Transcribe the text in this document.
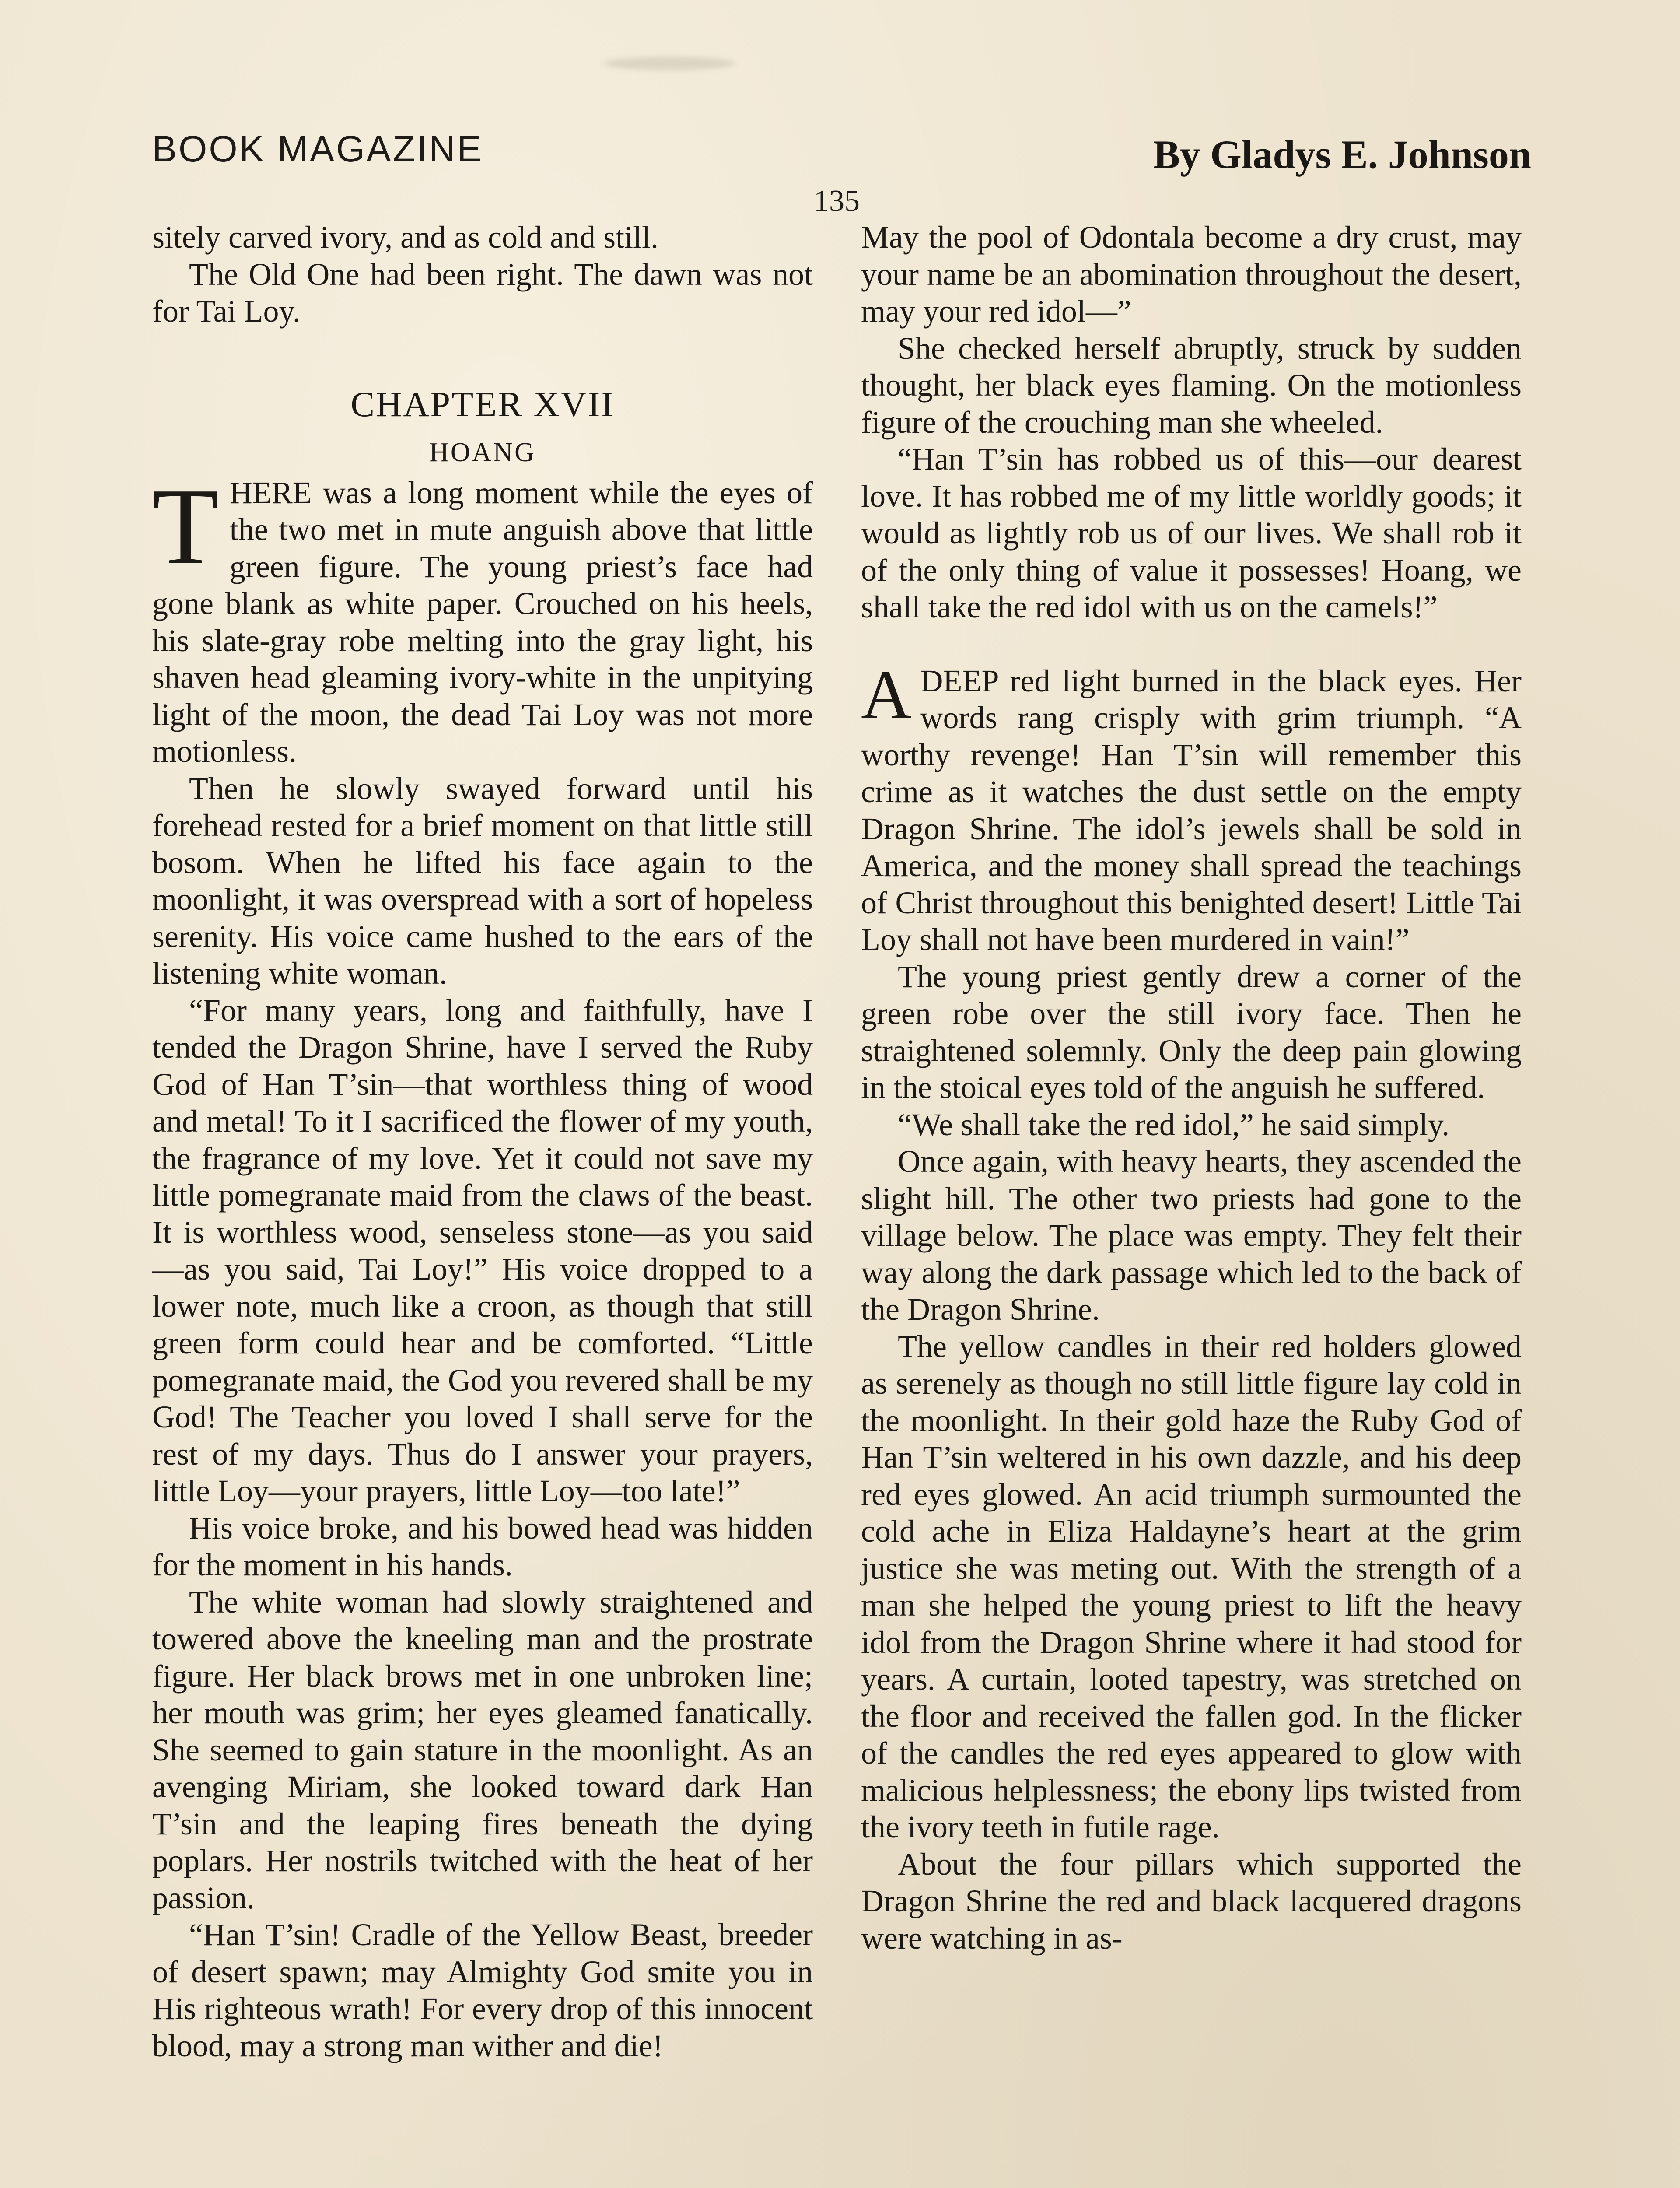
BOOK MAGAZINE	By Gladys E. Johnson
135

sitely carved ivory, and as cold and still.

The Old One had been right. The dawn was not for Tai Loy.

CHAPTER XVII
HOANG

THERE was a long moment while the eyes of the two met in mute anguish above that little green figure. The young priest’s face had gone blank as white paper. Crouched on his heels, his slate-gray robe melting into the gray light, his shaven head gleaming ivory-white in the unpitying light of the moon, the dead Tai Loy was not more motionless.

Then he slowly swayed forward until his forehead rested for a brief moment on that little still bosom. When he lifted his face again to the moonlight, it was overspread with a sort of hopeless serenity. His voice came hushed to the ears of the listening white woman.

“For many years, long and faithfully, have I tended the Dragon Shrine, have I served the Ruby God of Han T’sin—that worthless thing of wood and metal! To it I sacrificed the flower of my youth, the fragrance of my love. Yet it could not save my little pomegranate maid from the claws of the beast. It is worthless wood, senseless stone—as you said—as you said, Tai Loy!” His voice dropped to a lower note, much like a croon, as though that still green form could hear and be comforted. “Little pomegranate maid, the God you revered shall be my God! The Teacher you loved I shall serve for the rest of my days. Thus do I answer your prayers, little Loy—your prayers, little Loy—too late!”

His voice broke, and his bowed head was hidden for the moment in his hands.

The white woman had slowly straightened and towered above the kneeling man and the prostrate figure. Her black brows met in one unbroken line; her mouth was grim; her eyes gleamed fanatically. She seemed to gain stature in the moonlight. As an avenging Miriam, she looked toward dark Han T’sin and the leaping fires beneath the dying poplars. Her nostrils twitched with the heat of her passion.

“Han T’sin! Cradle of the Yellow Beast, breeder of desert spawn; may Almighty God smite you in His righteous wrath! For every drop of this innocent blood, may a strong man wither and die!

May the pool of Odontala become a dry crust, may your name be an abomination throughout the desert, may your red idol—”

She checked herself abruptly, struck by sudden thought, her black eyes flaming. On the motionless figure of the crouching man she wheeled.

“Han T’sin has robbed us of this—our dearest love. It has robbed me of my little worldly goods; it would as lightly rob us of our lives. We shall rob it of the only thing of value it possesses! Hoang, we shall take the red idol with us on the camels!”

ADEEP red light burned in the black eyes. Her words rang crisply with grim triumph. “A worthy revenge! Han T’sin will remember this crime as it watches the dust settle on the empty Dragon Shrine. The idol’s jewels shall be sold in America, and the money shall spread the teachings of Christ throughout this benighted desert! Little Tai Loy shall not have been murdered in vain!”

The young priest gently drew a corner of the green robe over the still ivory face. Then he straightened solemnly. Only the deep pain glowing in the stoical eyes told of the anguish he suffered.

“We shall take the red idol,” he said simply.

Once again, with heavy hearts, they ascended the slight hill. The other two priests had gone to the village below. The place was empty. They felt their way along the dark passage which led to the back of the Dragon Shrine.

The yellow candles in their red holders glowed as serenely as though no still little figure lay cold in the moonlight. In their gold haze the Ruby God of Han T’sin weltered in his own dazzle, and his deep red eyes glowed. An acid triumph surmounted the cold ache in Eliza Haldayne’s heart at the grim justice she was meting out. With the strength of a man she helped the young priest to lift the heavy idol from the Dragon Shrine where it had stood for years. A curtain, looted tapestry, was stretched on the floor and received the fallen god. In the flicker of the candles the red eyes appeared to glow with malicious helplessness; the ebony lips twisted from the ivory teeth in futile rage.

About the four pillars which supported the Dragon Shrine the red and black lacquered dragons were watching in as-
